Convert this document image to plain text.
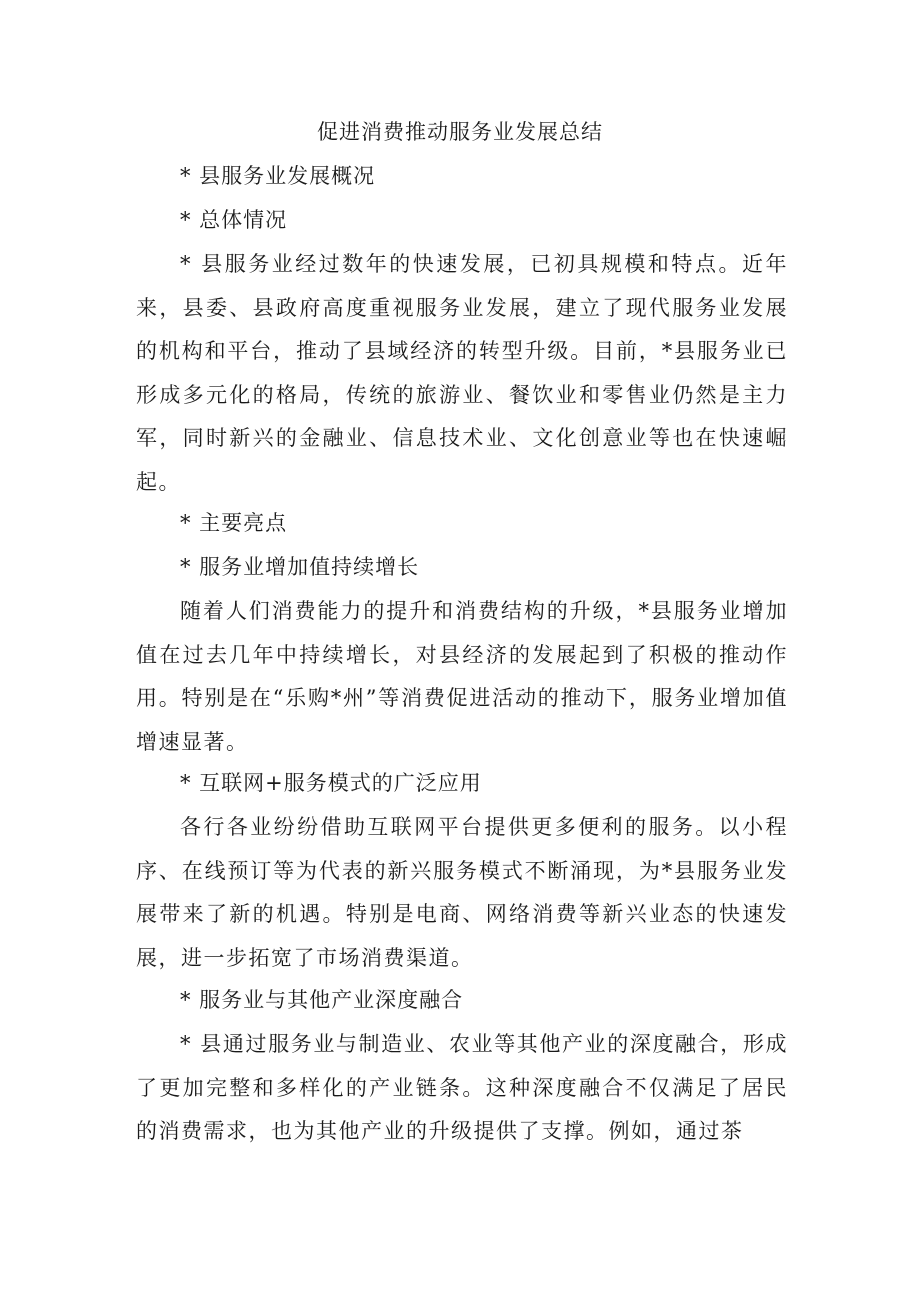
促进消费推动服务业发展总结
* 县服务业发展概况
* 总体情况

* 县服务业经过数年的快速发展，已初具规模和特点。近年来，县委、县政府高度重视服务业发展，建立了现代服务业发展的机构和平台，推动了县域经济的转型升级。目前，*县服务业已形成多元化的格局，传统的旅游业、餐饮业和零售业仍然是主力军，同时新兴的金融业、信息技术业、文化创意业等也在快速崛起。

* 主要亮点
* 服务业增加值持续增长

随着人们消费能力的提升和消费结构的升级，*县服务业增加值在过去几年中持续增长，对县经济的发展起到了积极的推动作用。特别是在“乐购*州”等消费促进活动的推动下，服务业增加值增速显著。

* 互联网+服务模式的广泛应用

各行各业纷纷借助互联网平台提供更多便利的服务。以小程序、在线预订等为代表的新兴服务模式不断涌现，为*县服务业发展带来了新的机遇。特别是电商、网络消费等新兴业态的快速发展，进一步拓宽了市场消费渠道。

* 服务业与其他产业深度融合

* 县通过服务业与制造业、农业等其他产业的深度融合，形成了更加完整和多样化的产业链条。这种深度融合不仅满足了居民的消费需求，也为其他产业的升级提供了支撑。例如，通过茶
